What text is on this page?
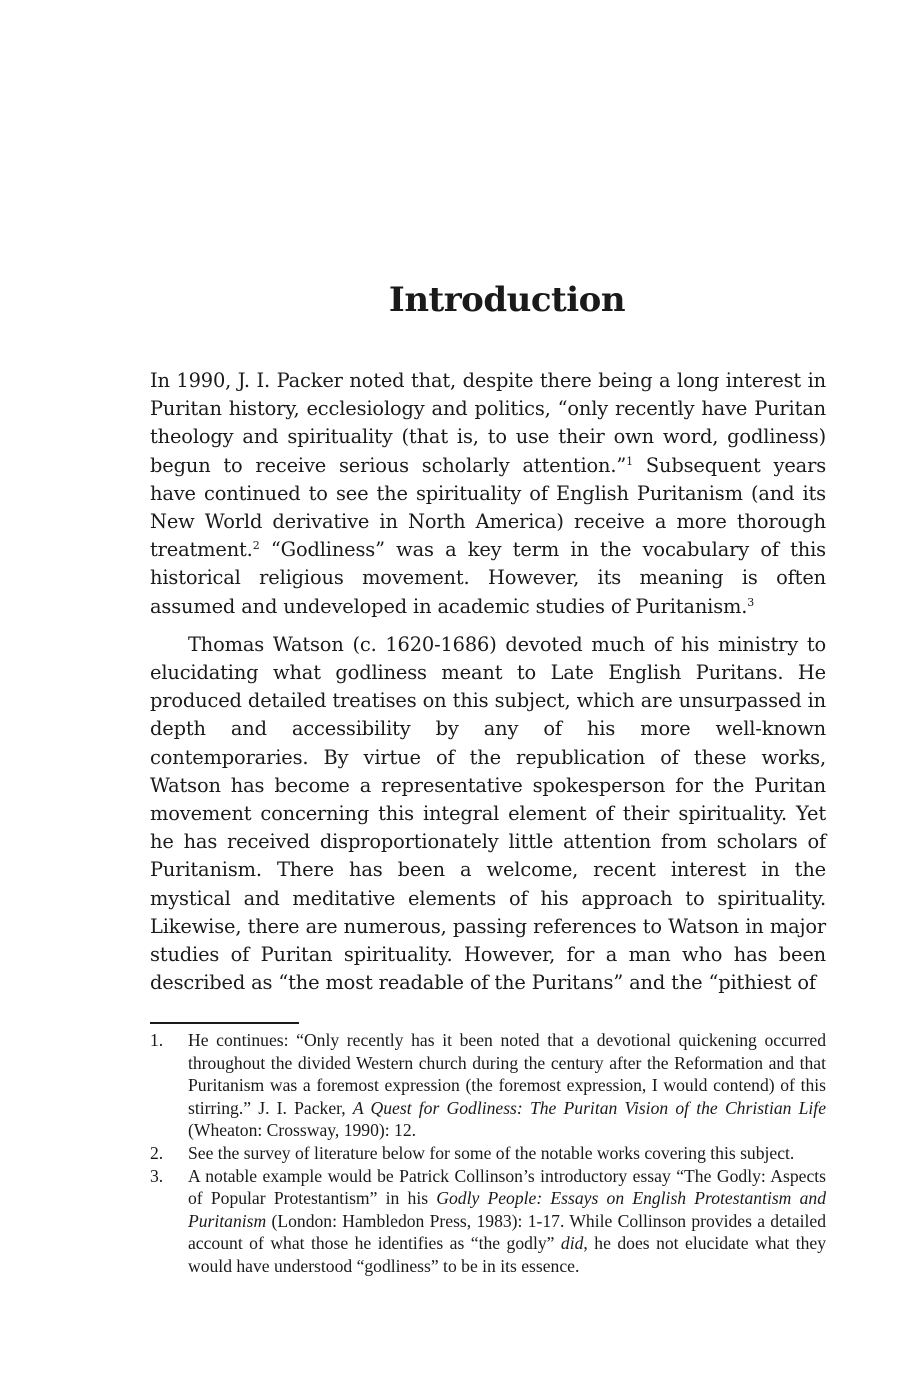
Introduction

In 1990, J. I. Packer noted that, despite there being a long interest in Puritan history, ecclesiology and politics, “only recently have Puritan theology and spirituality (that is, to use their own word, godliness) begun to receive serious scholarly attention.”$^1$ Subsequent years have continued to see the spirituality of English Puritanism (and its New World derivative in North America) receive a more thorough treatment.$^2$ “Godliness” was a key term in the vocabulary of this historical religious movement. However, its meaning is often assumed and undeveloped in academic studies of Puritanism.$^3$

Thomas Watson (c. 1620-1686) devoted much of his ministry to elucidating what godliness meant to Late English Puritans. He produced detailed treatises on this subject, which are unsurpassed in depth and accessibility by any of his more well-known contemporaries. By virtue of the republication of these works, Watson has become a representative spokesperson for the Puritan movement concerning this integral element of their spirituality. Yet he has received disproportionately little attention from scholars of Puritanism. There has been a welcome, recent interest in the mystical and meditative elements of his approach to spirituality. Likewise, there are numerous, passing references to Watson in major studies of Puritan spirituality. However, for a man who has been described as “the most readable of the Puritans” and the “pithiest of

1. He continues: “Only recently has it been noted that a devotional quickening occurred throughout the divided Western church during the century after the Reformation and that Puritanism was a foremost expression (the foremost expression, I would contend) of this stirring.” J. I. Packer, A Quest for Godliness: The Puritan Vision of the Christian Life (Wheaton: Crossway, 1990): 12.
2. See the survey of literature below for some of the notable works covering this subject.
3. A notable example would be Patrick Collinson’s introductory essay “The Godly: Aspects of Popular Protestantism” in his Godly People: Essays on English Protestantism and Puritanism (London: Hambledon Press, 1983): 1-17. While Collinson provides a detailed account of what those he identifies as “the godly” did, he does not elucidate what they would have understood “godliness” to be in its essence.
